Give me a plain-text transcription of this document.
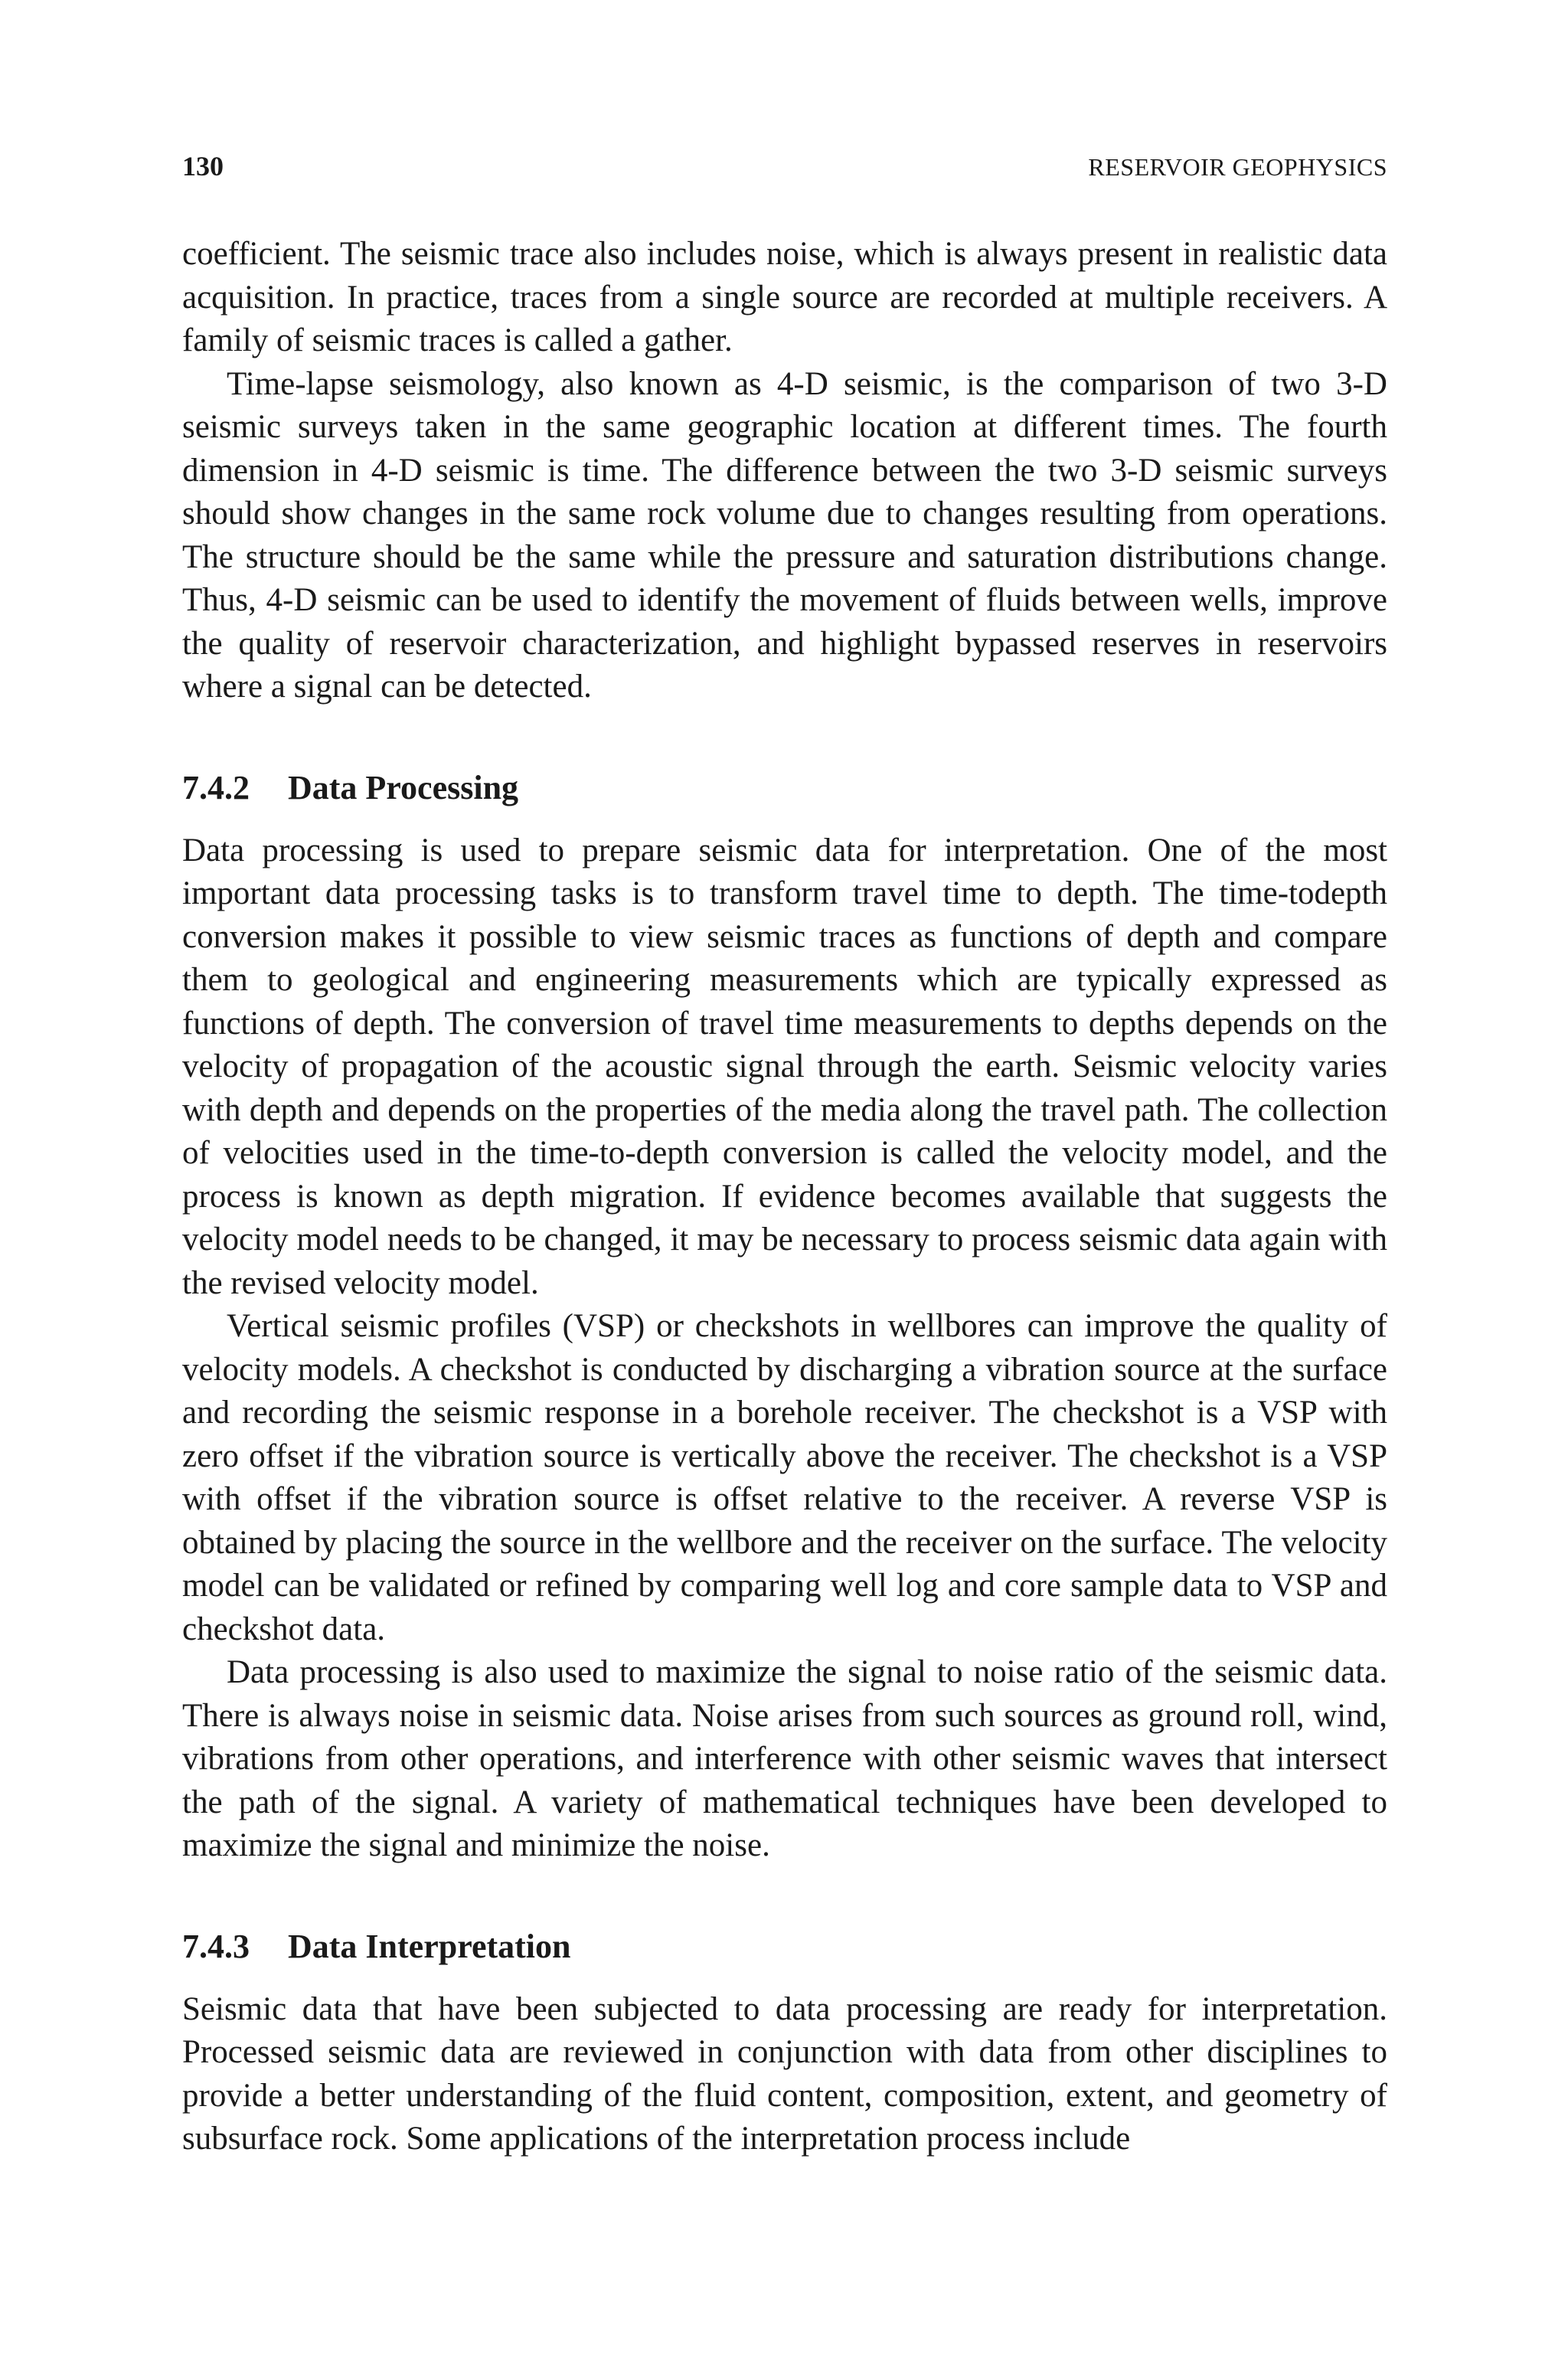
130	RESERVOIR GEOPHYSICS

coefficient. The seismic trace also includes noise, which is always present in realistic data acquisition. In practice, traces from a single source are recorded at multiple receivers. A family of seismic traces is called a gather.

Time-lapse seismology, also known as 4-D seismic, is the comparison of two 3-D seismic surveys taken in the same geographic location at different times. The fourth dimension in 4-D seismic is time. The difference between the two 3-D seismic surveys should show changes in the same rock volume due to changes resulting from operations. The structure should be the same while the pressure and saturation distributions change. Thus, 4-D seismic can be used to identify the movement of fluids between wells, improve the quality of reservoir characterization, and highlight bypassed reserves in reservoirs where a signal can be detected.

7.4.2 Data Processing

Data processing is used to prepare seismic data for interpretation. One of the most important data processing tasks is to transform travel time to depth. The time-todepth conversion makes it possible to view seismic traces as functions of depth and compare them to geological and engineering measurements which are typically expressed as functions of depth. The conversion of travel time measurements to depths depends on the velocity of propagation of the acoustic signal through the earth. Seismic velocity varies with depth and depends on the properties of the media along the travel path. The collection of velocities used in the time-to-depth conversion is called the velocity model, and the process is known as depth migration. If evidence becomes available that suggests the velocity model needs to be changed, it may be necessary to process seismic data again with the revised velocity model.

Vertical seismic profiles (VSP) or checkshots in wellbores can improve the quality of velocity models. A checkshot is conducted by discharging a vibration source at the surface and recording the seismic response in a borehole receiver. The checkshot is a VSP with zero offset if the vibration source is vertically above the receiver. The checkshot is a VSP with offset if the vibration source is offset relative to the receiver. A reverse VSP is obtained by placing the source in the wellbore and the receiver on the surface. The velocity model can be validated or refined by comparing well log and core sample data to VSP and checkshot data.

Data processing is also used to maximize the signal to noise ratio of the seismic data. There is always noise in seismic data. Noise arises from such sources as ground roll, wind, vibrations from other operations, and interference with other seismic waves that intersect the path of the signal. A variety of mathematical techniques have been developed to maximize the signal and minimize the noise.

7.4.3 Data Interpretation

Seismic data that have been subjected to data processing are ready for interpretation. Processed seismic data are reviewed in conjunction with data from other disciplines to provide a better understanding of the fluid content, composition, extent, and geometry of subsurface rock. Some applications of the interpretation process include
